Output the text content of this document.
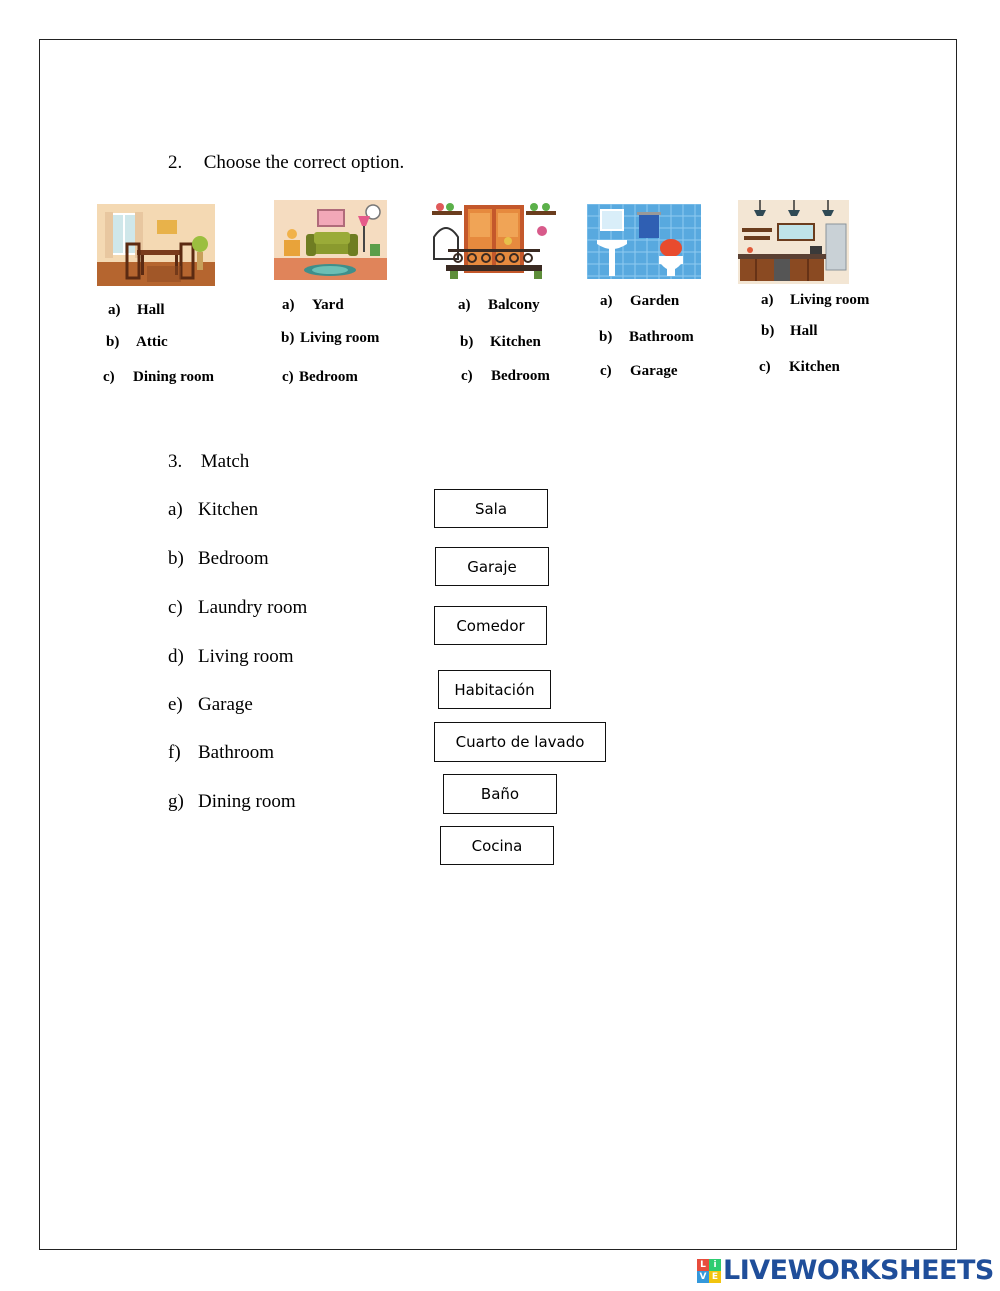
2. Choose the correct option.
a) Hall
b) Attic
c) Dining room
a) Yard
b) Living room
c) Bedroom
a) Balcony
b) Kitchen
c) Bedroom
a) Garden
b) Bathroom
c) Garage
a) Living room
b) Hall
c) Kitchen
3. Match
a) Kitchen
b) Bedroom
c) Laundry room
d) Living room
e) Garage
f) Bathroom
g) Dining room
Sala
Garaje
Comedor
Habitación
Cuarto de lavado
Baño
Cocina
L i
V E LIVEWORKSHEETS
